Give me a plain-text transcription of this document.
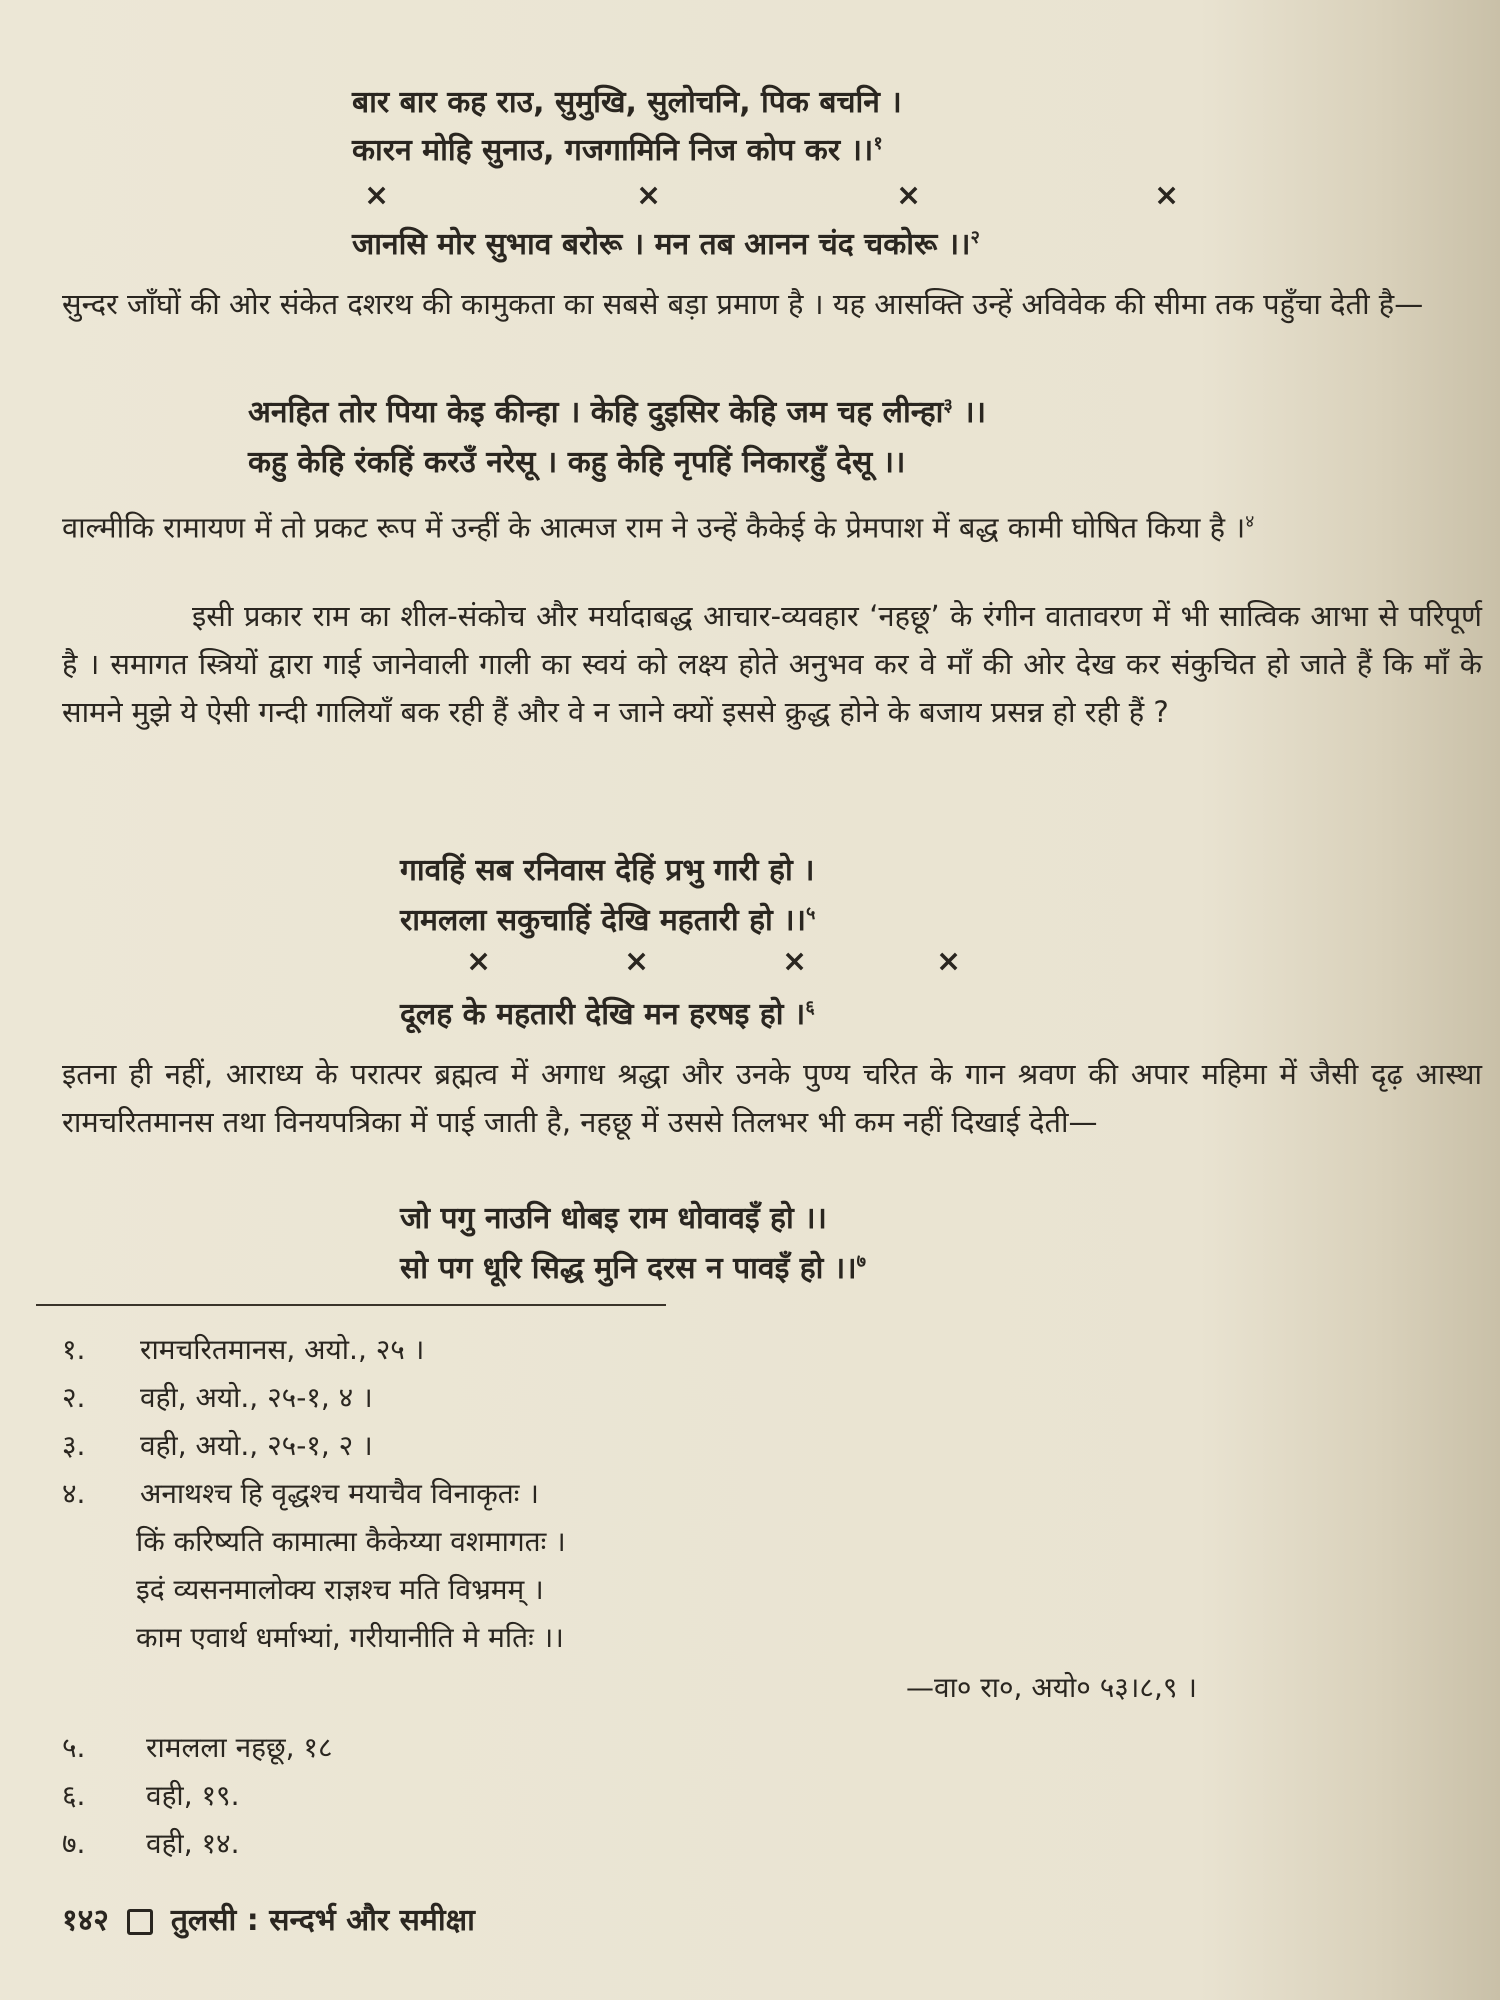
बार बार कह राउ, सुमुखि, सुलोचनि, पिक बचनि ।
कारन मोहि सुनाउ, गजगामिनि निज कोप कर ।।$^१$
×	×	×	×
जानसि मोर सुभाव बरोरू । मन तब आनन चंद चकोरू ।।$^२$
सुन्दर जाँघों की ओर संकेत दशरथ की कामुकता का सबसे बड़ा प्रमाण है । यह आसक्ति उन्हें अविवेक की सीमा तक पहुँचा देती है—
अनहित तोर पिया केइ कीन्हा । केहि दुइसिर केहि जम चह लीन्हा$^३$ ।।
कहु केहि रंकहिं करउँ नरेसू । कहु केहि नृपहिं निकारहुँ देसू ।।
वाल्मीकि रामायण में तो प्रकट रूप में उन्हीं के आत्मज राम ने उन्हें कैकेई के प्रेमपाश में बद्ध कामी घोषित किया है ।$^४$
इसी प्रकार राम का शील-संकोच और मर्यादाबद्ध आचार-व्यवहार ‘नहछू’ के रंगीन वातावरण में भी सात्विक आभा से परिपूर्ण है । समागत स्त्रियों द्वारा गाई जानेवाली गाली का स्वयं को लक्ष्य होते अनुभव कर वे माँ की ओर देख कर संकुचित हो जाते हैं कि माँ के सामने मुझे ये ऐसी गन्दी गालियाँ बक रही हैं और वे न जाने क्यों इससे क्रुद्ध होने के बजाय प्रसन्न हो रही हैं ?
गावहिं सब रनिवास देहिं प्रभु गारी हो ।
रामलला सकुचाहिं देखि महतारी हो ।।$^५$
×	×	×	×
दूलह के महतारी देखि मन हरषइ हो ।$^६$
इतना ही नहीं, आराध्य के परात्पर ब्रह्मत्व में अगाध श्रद्धा और उनके पुण्य चरित के गान श्रवण की अपार महिमा में जैसी दृढ़ आस्था रामचरितमानस तथा विनयपत्रिका में पाई जाती है, नहछू में उससे तिलभर भी कम नहीं दिखाई देती—
जो पगु नाउनि धोबइ राम धोवावइँ हो ।।
सो पग धूरि सिद्ध मुनि दरस न पावइँ हो ।।$^७$
१. रामचरितमानस, अयो., २५ ।
२. वही, अयो., २५-१, ४ ।
३. वही, अयो., २५-१, २ ।
४. अनाथश्च हि वृद्धश्च मयाचैव विनाकृतः ।
किं करिष्यति कामात्मा कैकेय्या वशमागतः ।
इदं व्यसनमालोक्य राज्ञश्च मति विभ्रमम् ।
काम एवार्थ धर्माभ्यां, गरीयानीति मे मतिः ।।
—वा० रा०, अयो० ५३।८,९ ।
५. रामलला नहछू, १८
६. वही, १९.
७. वही, १४.
१४२ तुलसी : सन्दर्भ और समीक्षा
